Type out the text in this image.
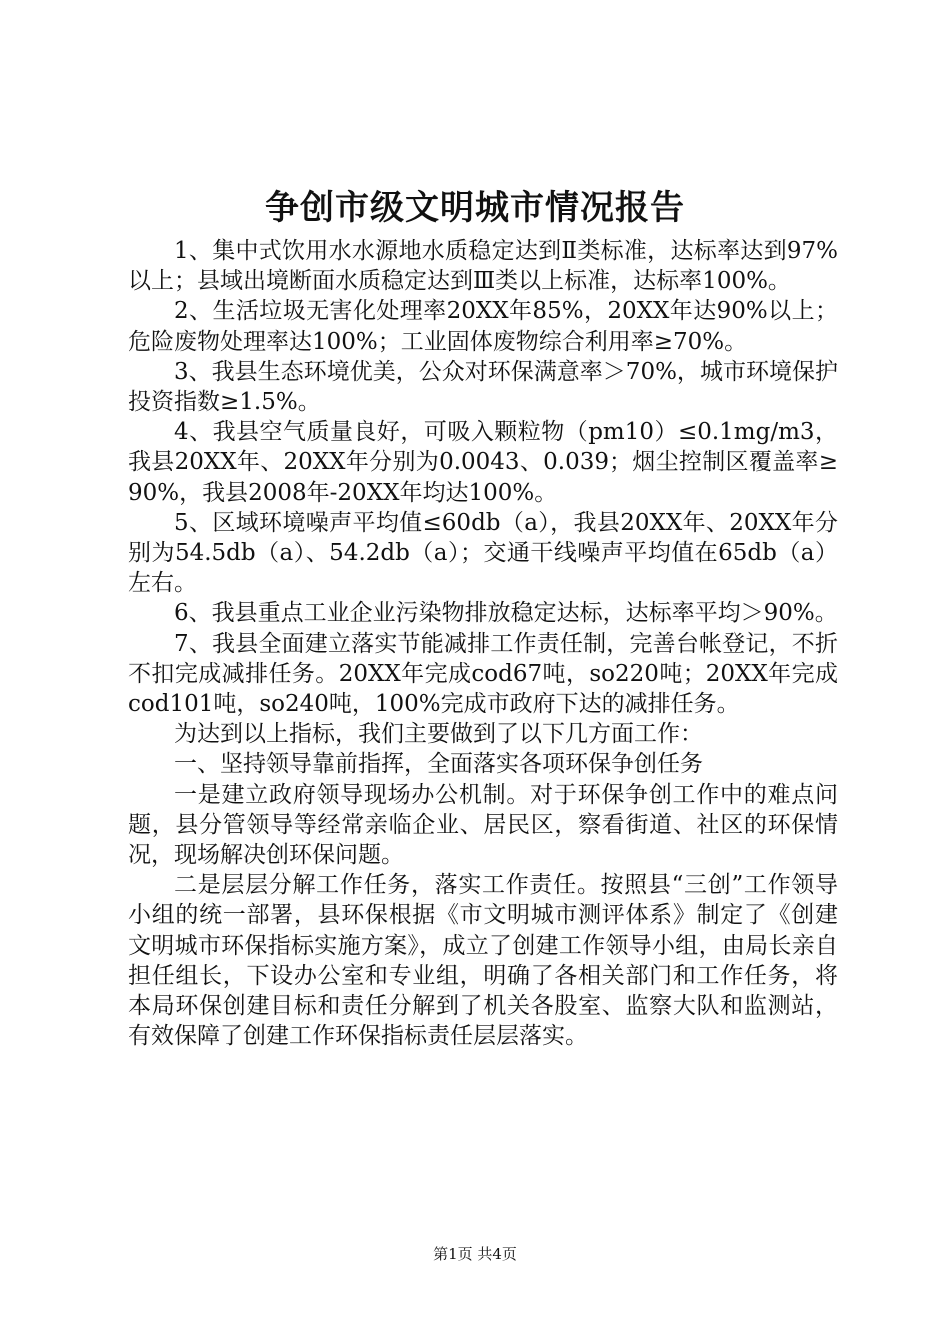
争创市级文明城市情况报告

1、集中式饮用水水源地水质稳定达到Ⅱ类标准，达标率达到97%以上；县域出境断面水质稳定达到Ⅲ类以上标准，达标率100%。

2、生活垃圾无害化处理率20XX年85%，20XX年达90%以上；危险废物处理率达100%；工业固体废物综合利用率≥70%。

3、我县生态环境优美，公众对环保满意率＞70%，城市环境保护投资指数≥1.5%。

4、我县空气质量良好，可吸入颗粒物（pm10）≤0.1mg/m3，我县20XX年、20XX年分别为0.0043、0.039；烟尘控制区覆盖率≥90%，我县2008年-20XX年均达100%。

5、区域环境噪声平均值≤60db（a），我县20XX年、20XX年分别为54.5db（a）、54.2db（a）；交通干线噪声平均值在65db（a）左右。

6、我县重点工业企业污染物排放稳定达标，达标率平均＞90%。

7、我县全面建立落实节能减排工作责任制，完善台帐登记，不折不扣完成减排任务。20XX年完成cod67吨，so220吨；20XX年完成cod101吨，so240吨，100%完成市政府下达的减排任务。

为达到以上指标，我们主要做到了以下几方面工作：

一、坚持领导靠前指挥，全面落实各项环保争创任务

一是建立政府领导现场办公机制。对于环保争创工作中的难点问题，县分管领导等经常亲临企业、居民区，察看街道、社区的环保情况，现场解决创环保问题。

二是层层分解工作任务，落实工作责任。按照县“三创”工作领导小组的统一部署，县环保根据《市文明城市测评体系》制定了《创建文明城市环保指标实施方案》，成立了创建工作领导小组，由局长亲自担任组长，下设办公室和专业组，明确了各相关部门和工作任务，将本局环保创建目标和责任分解到了机关各股室、监察大队和监测站，有效保障了创建工作环保指标责任层层落实。

第1页 共4页
